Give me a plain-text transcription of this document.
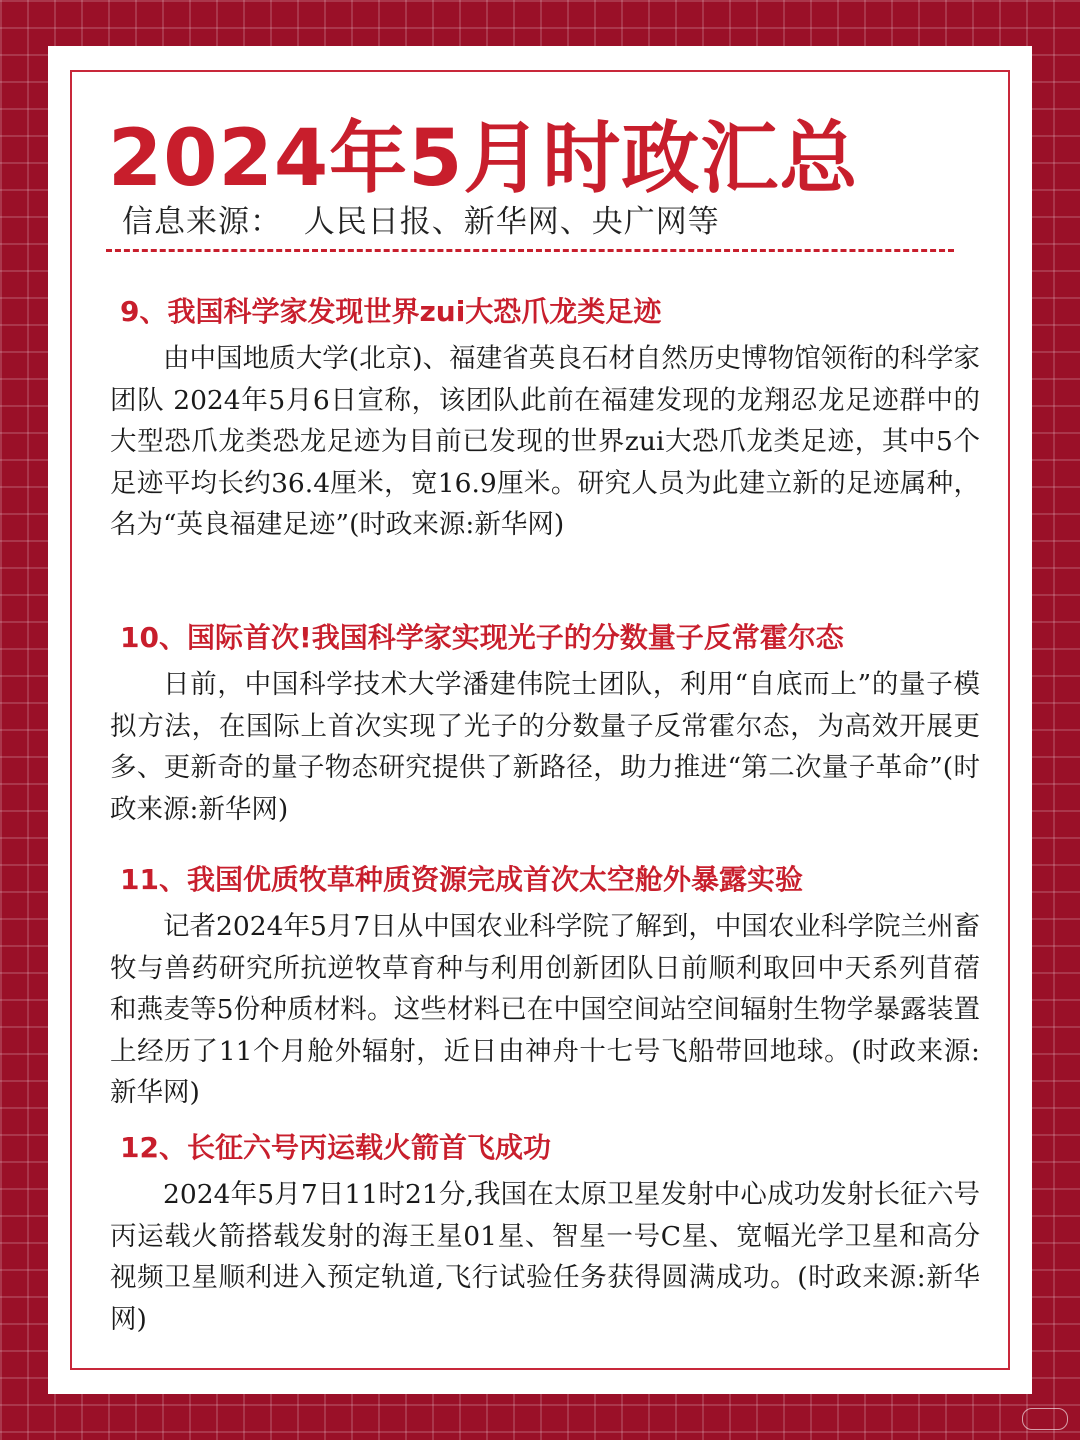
2024年5月时政汇总

信息来源：  人民日报、新华网、央广网等

9、我国科学家发现世界zui大恐爪龙类足迹

由中国地质大学(北京)、福建省英良石材自然历史博物馆领衔的科学家团队 2024年5月6日宣称，该团队此前在福建发现的龙翔忍龙足迹群中的大型恐爪龙类恐龙足迹为目前已发现的世界zui大恐爪龙类足迹，其中5个足迹平均长约36.4厘米，宽16.9厘米。研究人员为此建立新的足迹属种，名为“英良福建足迹”(时政来源:新华网)

10、国际首次!我国科学家实现光子的分数量子反常霍尔态

日前，中国科学技术大学潘建伟院士团队，利用“自底而上”的量子模拟方法，在国际上首次实现了光子的分数量子反常霍尔态，为高效开展更多、更新奇的量子物态研究提供了新路径，助力推进“第二次量子革命”(时政来源:新华网)

11、我国优质牧草种质资源完成首次太空舱外暴露实验

记者2024年5月7日从中国农业科学院了解到，中国农业科学院兰州畜牧与兽药研究所抗逆牧草育种与利用创新团队日前顺利取回中天系列苜蓿和燕麦等5份种质材料。这些材料已在中国空间站空间辐射生物学暴露装置上经历了11个月舱外辐射，近日由神舟十七号飞船带回地球。(时政来源:新华网)

12、长征六号丙运载火箭首飞成功

2024年5月7日11时21分,我国在太原卫星发射中心成功发射长征六号丙运载火箭搭载发射的海王星01星、智星一号C星、宽幅光学卫星和高分视频卫星顺利进入预定轨道,飞行试验任务获得圆满成功。(时政来源:新华网)
